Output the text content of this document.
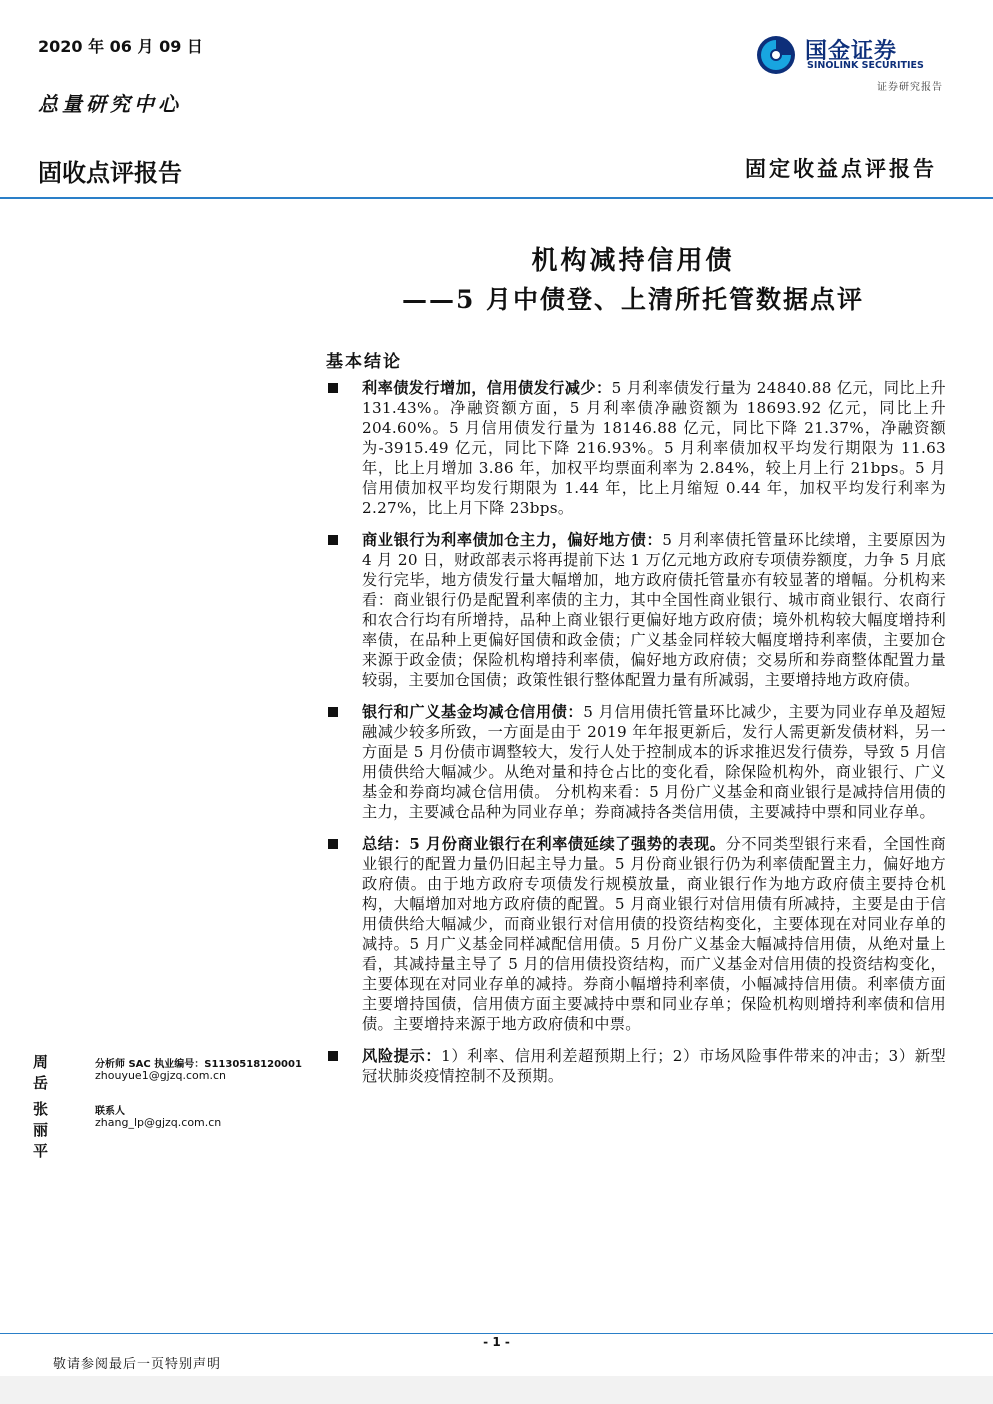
2020 年 06 月 09 日
总量研究中心
国金证券
SINOLINK SECURITIES
证券研究报告
固收点评报告	固定收益点评报告
机构减持信用债
——5 月中债登、上清所托管数据点评
基本结论
利率债发行增加，信用债发行减少：5 月利率债发行量为 24840.88 亿元，同比上升 131.43%。净融资额方面，5 月利率债净融资额为 18693.92 亿元，同比上升 204.60%。5 月信用债发行量为 18146.88 亿元，同比下降 21.37%，净融资额为-3915.49 亿元，同比下降 216.93%。5 月利率债加权平均发行期限为 11.63 年，比上月增加 3.86 年，加权平均票面利率为 2.84%，较上月上行 21bps。5 月信用债加权平均发行期限为 1.44 年，比上月缩短 0.44 年，加权平均发行利率为 2.27%，比上月下降 23bps。
商业银行为利率债加仓主力，偏好地方债：5 月利率债托管量环比续增，主要原因为 4 月 20 日，财政部表示将再提前下达 1 万亿元地方政府专项债券额度，力争 5 月底发行完毕，地方债发行量大幅增加，地方政府债托管量亦有较显著的增幅。分机构来看：商业银行仍是配置利率债的主力，其中全国性商业银行、城市商业银行、农商行和农合行均有所增持，品种上商业银行更偏好地方政府债；境外机构较大幅度增持利率债，在品种上更偏好国债和政金债；广义基金同样较大幅度增持利率债，主要加仓来源于政金债；保险机构增持利率债，偏好地方政府债；交易所和券商整体配置力量较弱，主要加仓国债；政策性银行整体配置力量有所减弱，主要增持地方政府债。
银行和广义基金均减仓信用债：5 月信用债托管量环比减少，主要为同业存单及超短融减少较多所致，一方面是由于 2019 年年报更新后，发行人需更新发债材料，另一方面是 5 月份债市调整较大，发行人处于控制成本的诉求推迟发行债券，导致 5 月信用债供给大幅减少。从绝对量和持仓占比的变化看，除保险机构外，商业银行、广义基金和券商均减仓信用债。 分机构来看：5 月份广义基金和商业银行是减持信用债的主力，主要减仓品种为同业存单；券商减持各类信用债，主要减持中票和同业存单。
总结：5 月份商业银行在利率债延续了强势的表现。分不同类型银行来看，全国性商业银行的配置力量仍旧起主导力量。5 月份商业银行仍为利率债配置主力，偏好地方政府债。由于地方政府专项债发行规模放量，商业银行作为地方政府债主要持仓机构，大幅增加对地方政府债的配置。5 月商业银行对信用债有所减持，主要是由于信用债供给大幅减少，而商业银行对信用债的投资结构变化，主要体现在对同业存单的减持。5 月广义基金同样减配信用债。5 月份广义基金大幅减持信用债，从绝对量上看，其减持量主导了 5 月的信用债投资结构，而广义基金对信用债的投资结构变化，主要体现在对同业存单的减持。券商小幅增持利率债，小幅减持信用债。利率债方面主要增持国债，信用债方面主要减持中票和同业存单；保险机构则增持利率债和信用债。主要增持来源于地方政府债和中票。
风险提示：1）利率、信用利差超预期上行；2）市场风险事件带来的冲击；3）新型冠状肺炎疫情控制不及预期。
周岳
分析师 SAC 执业编号：S1130518120001
zhouyue1@gjzq.com.cn
张丽平
联系人
zhang_lp@gjzq.com.cn
- 1 -
敬请参阅最后一页特别声明
